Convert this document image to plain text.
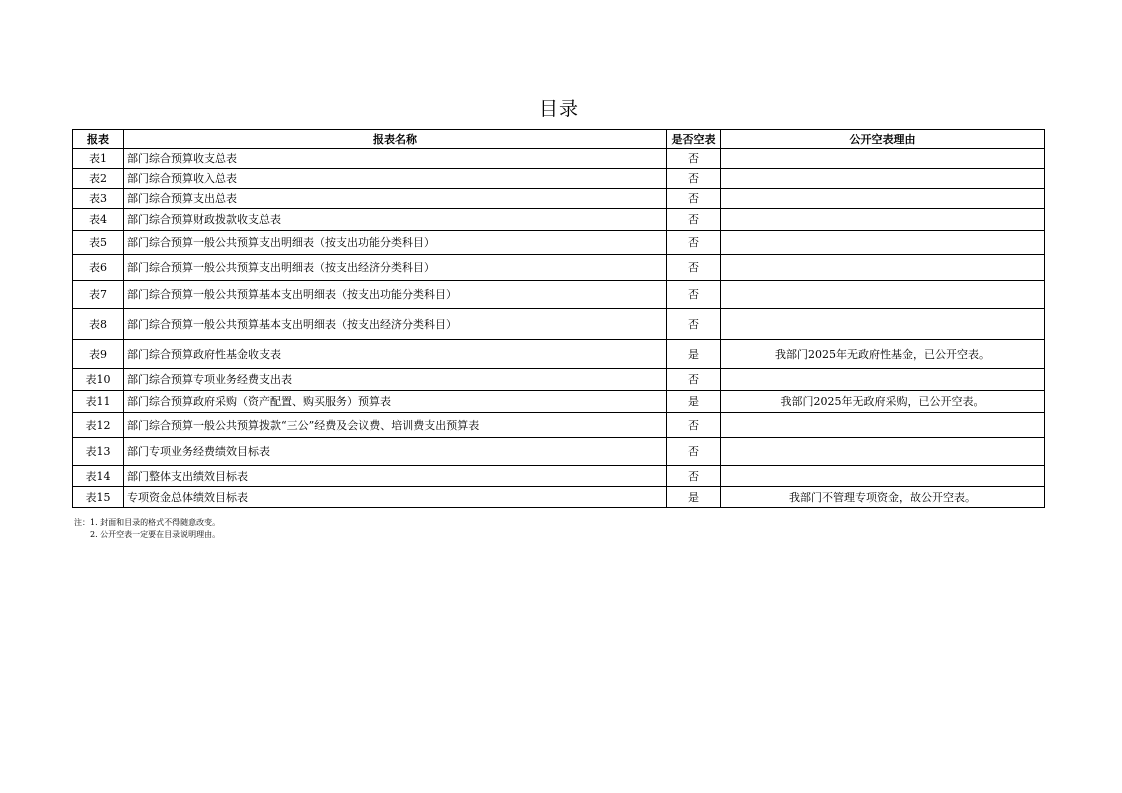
目录
报表	报表名称	是否空表	公开空表理由
表1	部门综合预算收支总表	否	
表2	部门综合预算收入总表	否	
表3	部门综合预算支出总表	否	
表4	部门综合预算财政拨款收支总表	否	
表5	部门综合预算一般公共预算支出明细表（按支出功能分类科目）	否	
表6	部门综合预算一般公共预算支出明细表（按支出经济分类科目）	否	
表7	部门综合预算一般公共预算基本支出明细表（按支出功能分类科目）	否	
表8	部门综合预算一般公共预算基本支出明细表（按支出经济分类科目）	否	
表9	部门综合预算政府性基金收支表	是	我部门2025年无政府性基金，已公开空表。
表10	部门综合预算专项业务经费支出表	否	
表11	部门综合预算政府采购（资产配置、购买服务）预算表	是	我部门2025年无政府采购，已公开空表。
表12	部门综合预算一般公共预算拨款“三公”经费及会议费、培训费支出预算表	否	
表13	部门专项业务经费绩效目标表	否	
表14	部门整体支出绩效目标表	否	
表15	专项资金总体绩效目标表	是	我部门不管理专项资金，故公开空表。
注：1. 封面和目录的格式不得随意改变。
2. 公开空表一定要在目录说明理由。
